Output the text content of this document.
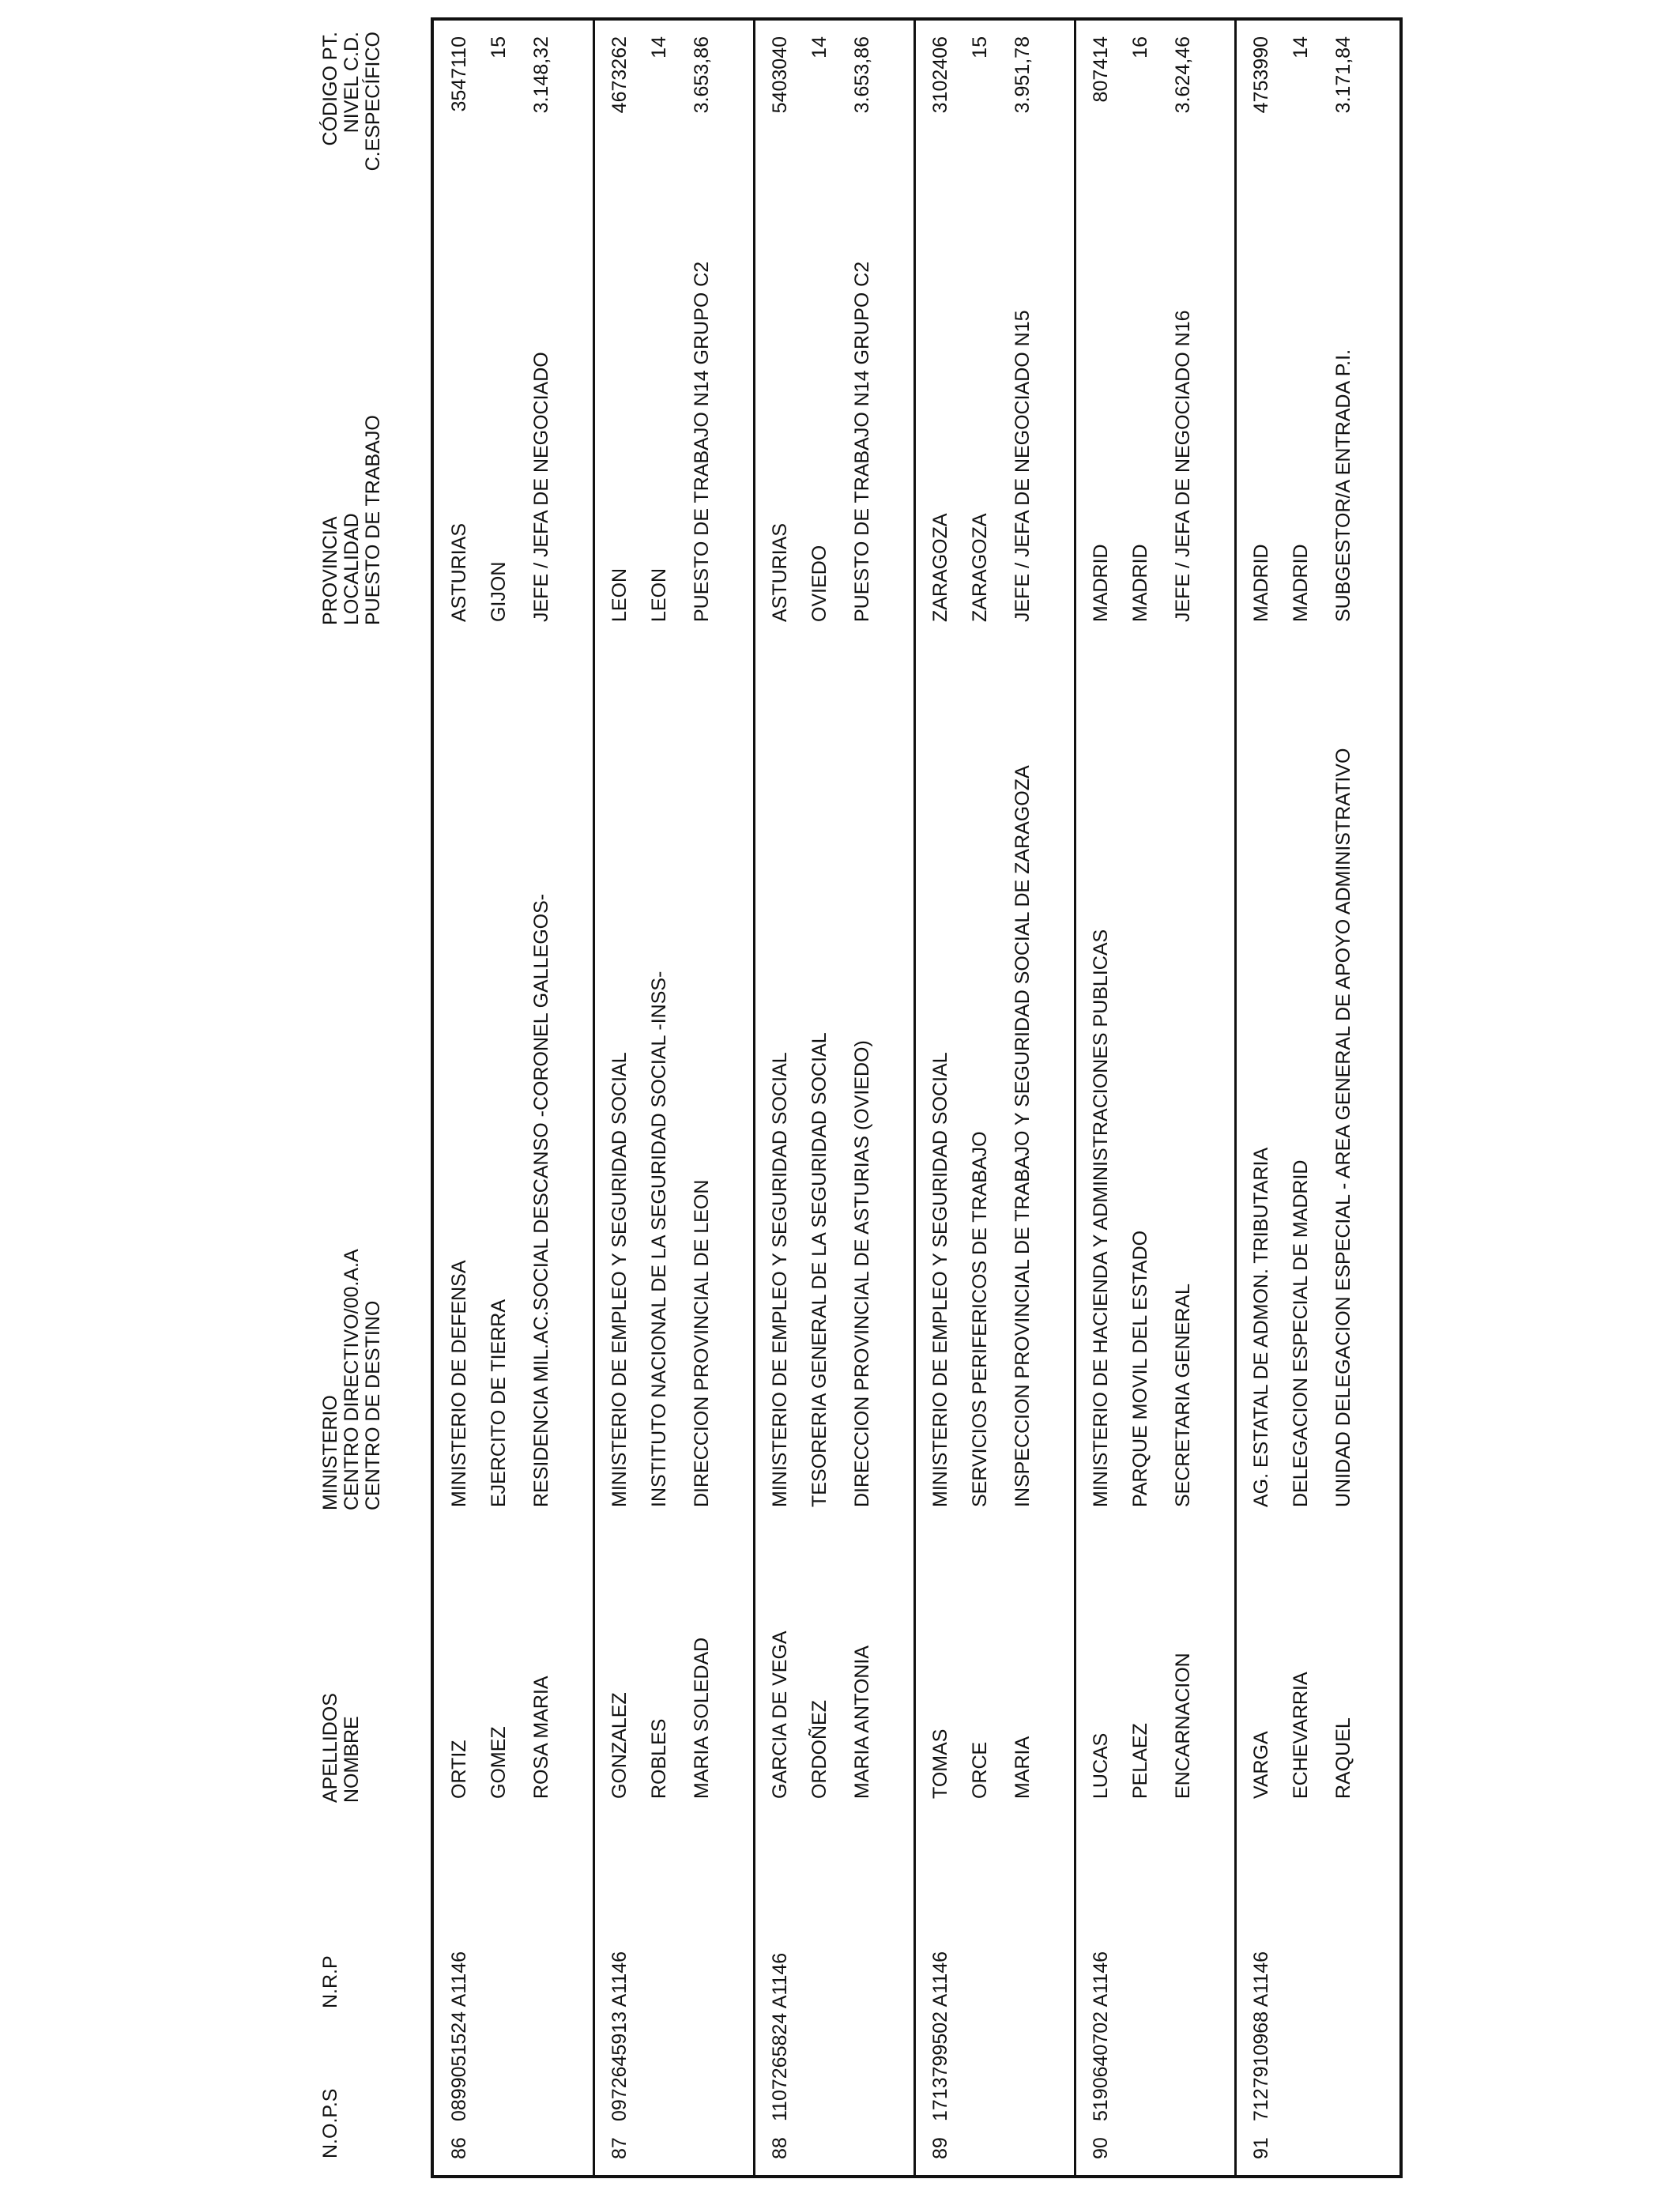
N.O.P.S
N.R.P
APELLIDOS NOMBRE
MINISTERIO CENTRO DIRECTIVO/00.A.A CENTRO DE DESTINO
PROVINCIA LOCALIDAD PUESTO DE TRABAJO
CÓDIGO PT. NIVEL C.D. C.ESPECÍFICO
86
0899051524 A1146
ORTIZ GOMEZ ROSA MARIA
MINISTERIO DE DEFENSA EJERCITO DE TIERRA RESIDENCIA MIL.AC.SOCIAL DESCANSO -CORONEL GALLEGOS-
ASTURIAS GIJON JEFE / JEFA DE NEGOCIADO
3547110 15 3.148,32
87
0972645913 A1146
GONZALEZ ROBLES MARIA SOLEDAD
MINISTERIO DE EMPLEO Y SEGURIDAD SOCIAL INSTITUTO NACIONAL DE LA SEGURIDAD SOCIAL -INSS- DIRECCION PROVINCIAL DE LEON
LEON LEON PUESTO DE TRABAJO N14 GRUPO C2
4673262 14 3.653,86
88
1107265824 A1146
GARCIA DE VEGA ORDOÑEZ MARIA ANTONIA
MINISTERIO DE EMPLEO Y SEGURIDAD SOCIAL TESORERIA GENERAL DE LA SEGURIDAD SOCIAL DIRECCION PROVINCIAL DE ASTURIAS (OVIEDO)
ASTURIAS OVIEDO PUESTO DE TRABAJO N14 GRUPO C2
5403040 14 3.653,86
89
1713799502 A1146
TOMAS ORCE MARIA
MINISTERIO DE EMPLEO Y SEGURIDAD SOCIAL SERVICIOS PERIFERICOS DE TRABAJO INSPECCION PROVINCIAL DE TRABAJO Y SEGURIDAD SOCIAL DE ZARAGOZA
ZARAGOZA ZARAGOZA JEFE / JEFA DE NEGOCIADO N15
3102406 15 3.951,78
90
5190640702 A1146
LUCAS PELAEZ ENCARNACION
MINISTERIO DE HACIENDA Y ADMINISTRACIONES PUBLICAS PARQUE MOVIL DEL ESTADO SECRETARIA GENERAL
MADRID MADRID JEFE / JEFA DE NEGOCIADO N16
807414 16 3.624,46
91
7127910968 A1146
VARGA ECHEVARRIA RAQUEL
AG. ESTATAL DE ADMON. TRIBUTARIA DELEGACION ESPECIAL DE MADRID UNIDAD DELEGACION ESPECIAL - AREA GENERAL DE APOYO ADMINISTRATIVO
MADRID MADRID SUBGESTOR/A ENTRADA P.I.
4753990 14 3.171,84
